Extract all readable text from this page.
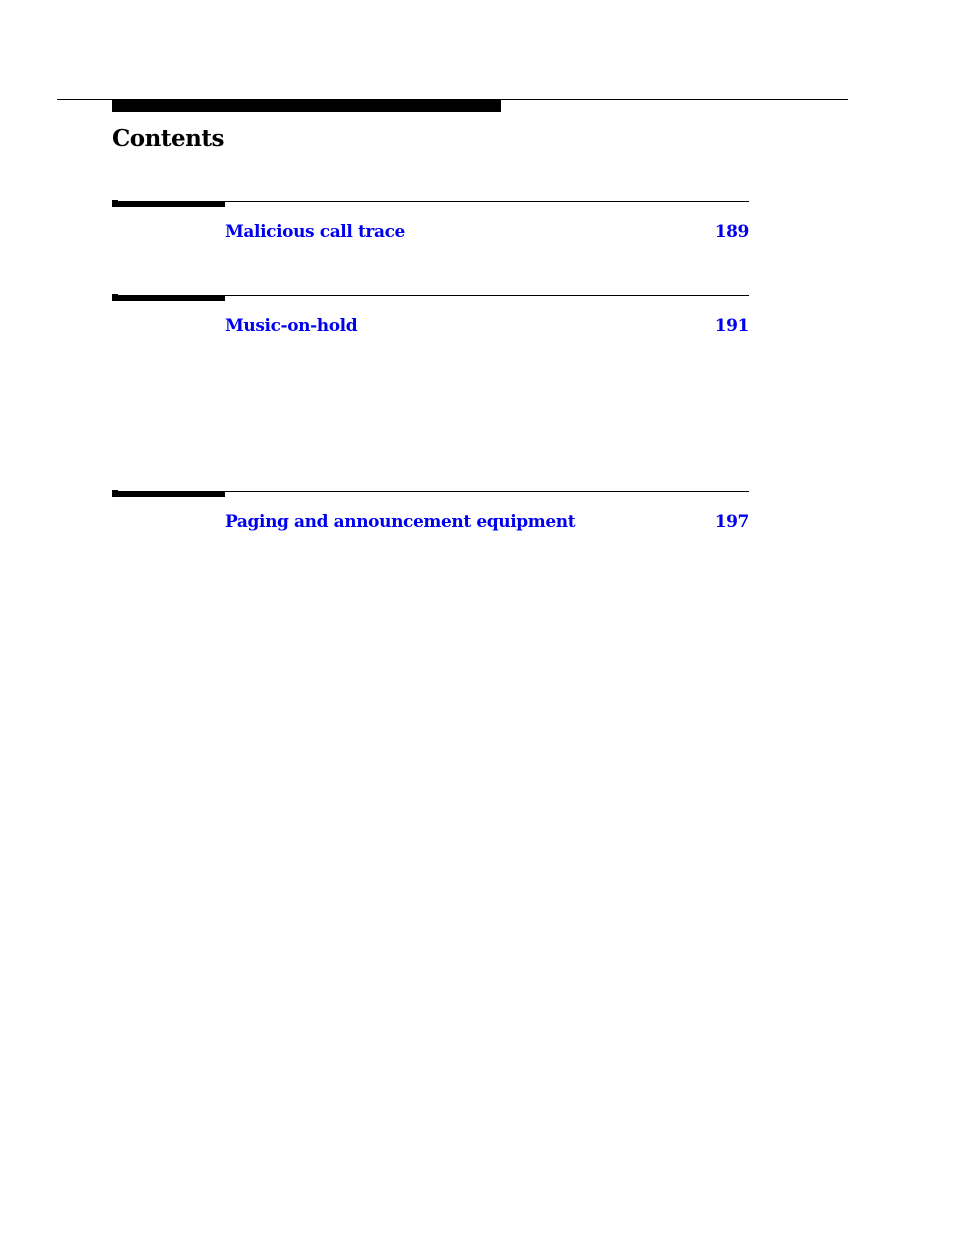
Contents
Malicious call trace	189
Music-on-hold	191
Paging and announcement equipment	197
